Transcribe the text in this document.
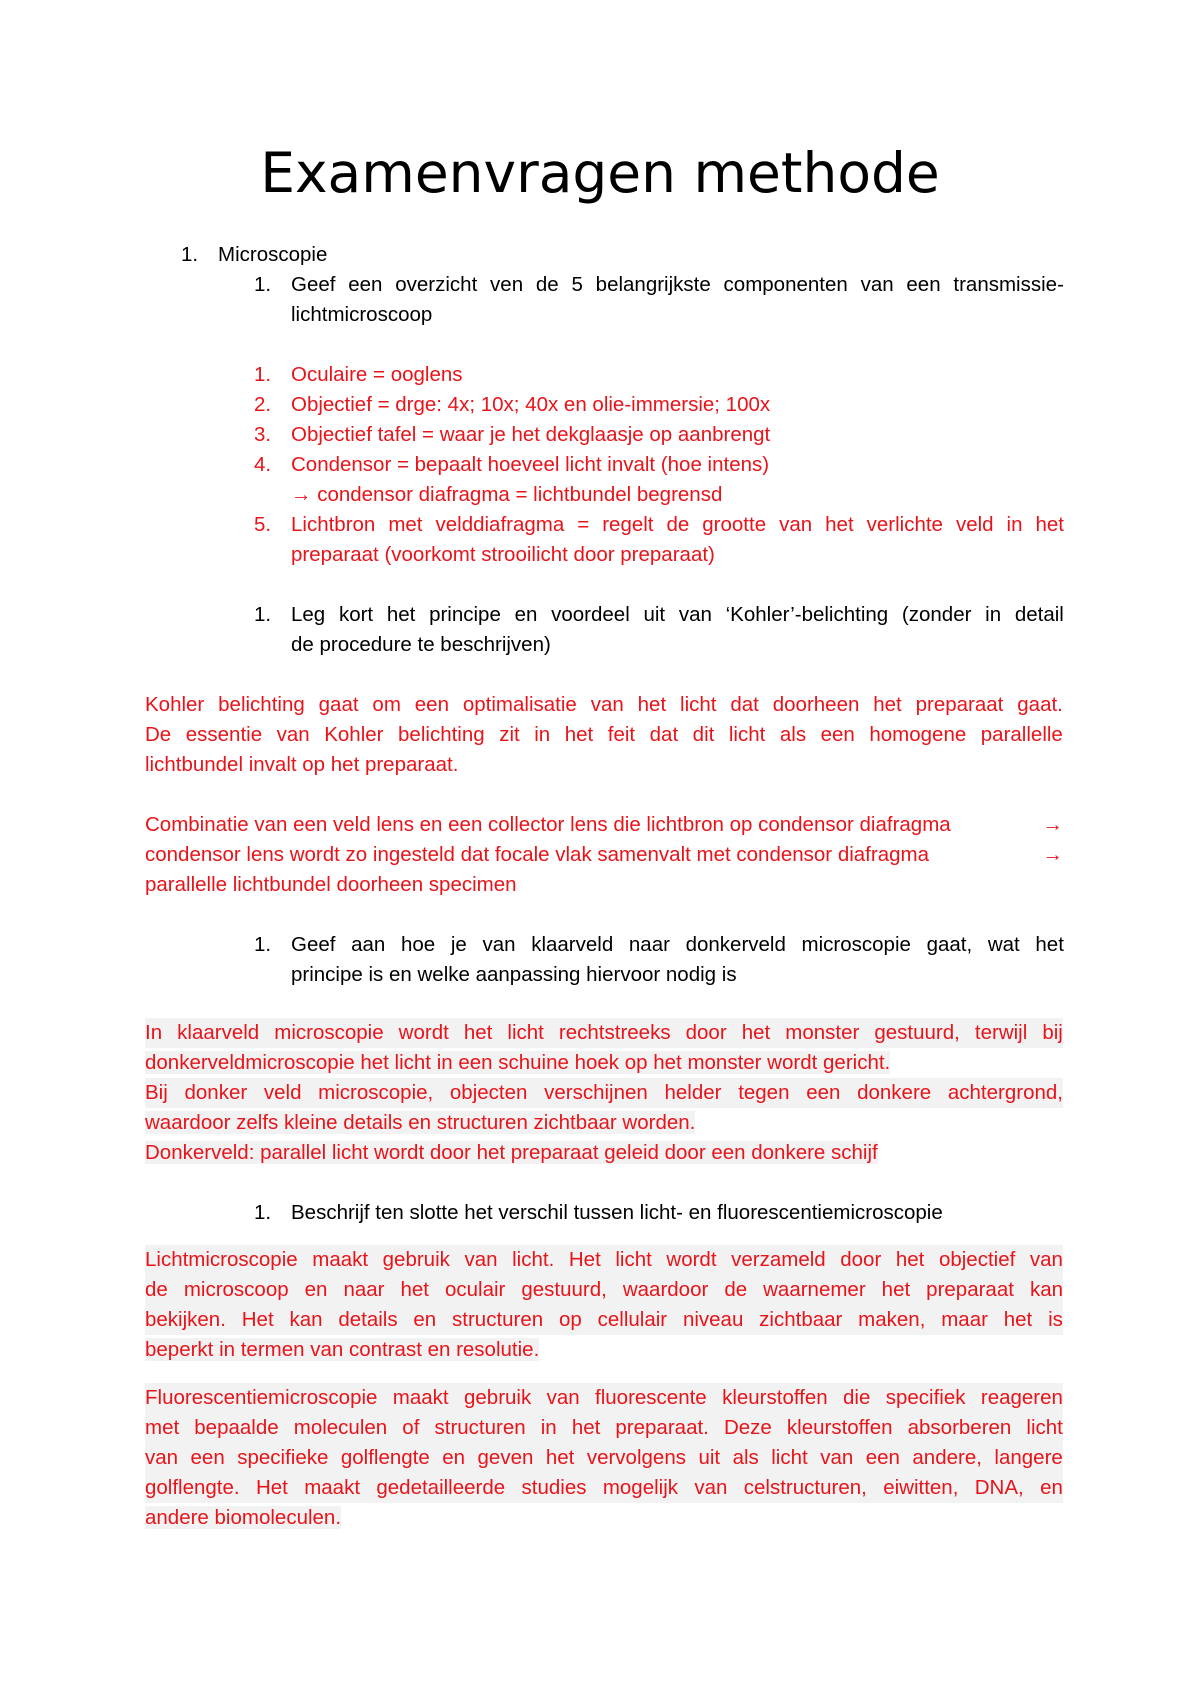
Examenvragen methode
1. Microscopie
1. Geef een overzicht ven de 5 belangrijkste componenten van een transmissie-
lichtmicroscoop
1. Oculaire = ooglens
2. Objectief = drge: 4x; 10x; 40x en olie-immersie; 100x
3. Objectief tafel = waar je het dekglaasje op aanbrengt
4. Condensor = bepaalt hoeveel licht invalt (hoe intens)
→ condensor diafragma = lichtbundel begrensd
5. Lichtbron met velddiafragma = regelt de grootte van het verlichte veld in het
preparaat (voorkomt strooilicht door preparaat)
1. Leg kort het principe en voordeel uit van ‘Kohler’-belichting (zonder in detail
de procedure te beschrijven)
Kohler belichting gaat om een optimalisatie van het licht dat doorheen het preparaat gaat.
De essentie van Kohler belichting zit in het feit dat dit licht als een homogene parallelle
lichtbundel invalt op het preparaat.
Combinatie van een veld lens en een collector lens die lichtbron op condensor diafragma	→
condensor lens wordt zo ingesteld dat focale vlak samenvalt met condensor diafragma	→
parallelle lichtbundel doorheen specimen
1. Geef aan hoe je van klaarveld naar donkerveld microscopie gaat, wat het
principe is en welke aanpassing hiervoor nodig is
In klaarveld microscopie wordt het licht rechtstreeks door het monster gestuurd, terwijl bij
donkerveldmicroscopie het licht in een schuine hoek op het monster wordt gericht.
Bij donker veld microscopie, objecten verschijnen helder tegen een donkere achtergrond,
waardoor zelfs kleine details en structuren zichtbaar worden.
Donkerveld: parallel licht wordt door het preparaat geleid door een donkere schijf
1. Beschrijf ten slotte het verschil tussen licht- en fluorescentiemicroscopie
Lichtmicroscopie maakt gebruik van licht. Het licht wordt verzameld door het objectief van
de microscoop en naar het oculair gestuurd, waardoor de waarnemer het preparaat kan
bekijken. Het kan details en structuren op cellulair niveau zichtbaar maken, maar het is
beperkt in termen van contrast en resolutie.
Fluorescentiemicroscopie maakt gebruik van fluorescente kleurstoffen die specifiek reageren
met bepaalde moleculen of structuren in het preparaat. Deze kleurstoffen absorberen licht
van een specifieke golflengte en geven het vervolgens uit als licht van een andere, langere
golflengte. Het maakt gedetailleerde studies mogelijk van celstructuren, eiwitten, DNA, en
andere biomoleculen.
